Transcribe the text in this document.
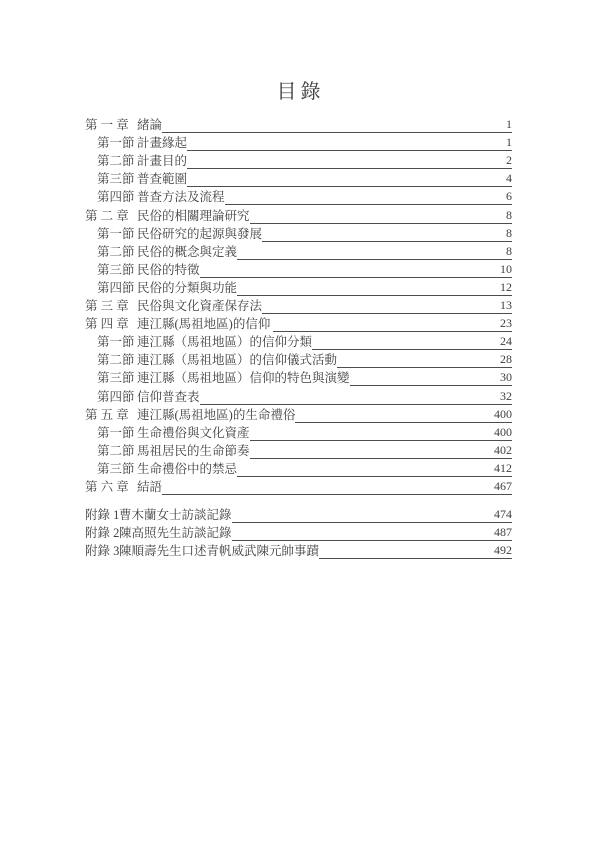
目錄
第 一 章 緒論	1
第一節 計畫緣起	1
第二節 計畫目的	2
第三節 普查範圍	4
第四節 普查方法及流程	6
第 二 章 民俗的相關理論研究	8
第一節 民俗研究的起源與發展	8
第二節 民俗的概念與定義	8
第三節 民俗的特徵	10
第四節 民俗的分類與功能	12
第 三 章 民俗與文化資產保存法	13
第 四 章 連江縣(馬祖地區)的信仰	23
第一節 連江縣（馬祖地區）的信仰分類	24
第二節 連江縣（馬祖地區）的信仰儀式活動	28
第三節 連江縣（馬祖地區）信仰的特色與演變	30
第四節 信仰普查表	32
第 五 章 連江縣(馬祖地區)的生命禮俗	400
第一節 生命禮俗與文化資產	400
第二節 馬祖居民的生命節奏	402
第三節 生命禮俗中的禁忌	412
第 六 章 結語	467
附錄 1 曹木蘭女士訪談記錄	474
附錄 2 陳高照先生訪談記錄	487
附錄 3 陳順壽先生口述青帆威武陳元帥事蹟	492
